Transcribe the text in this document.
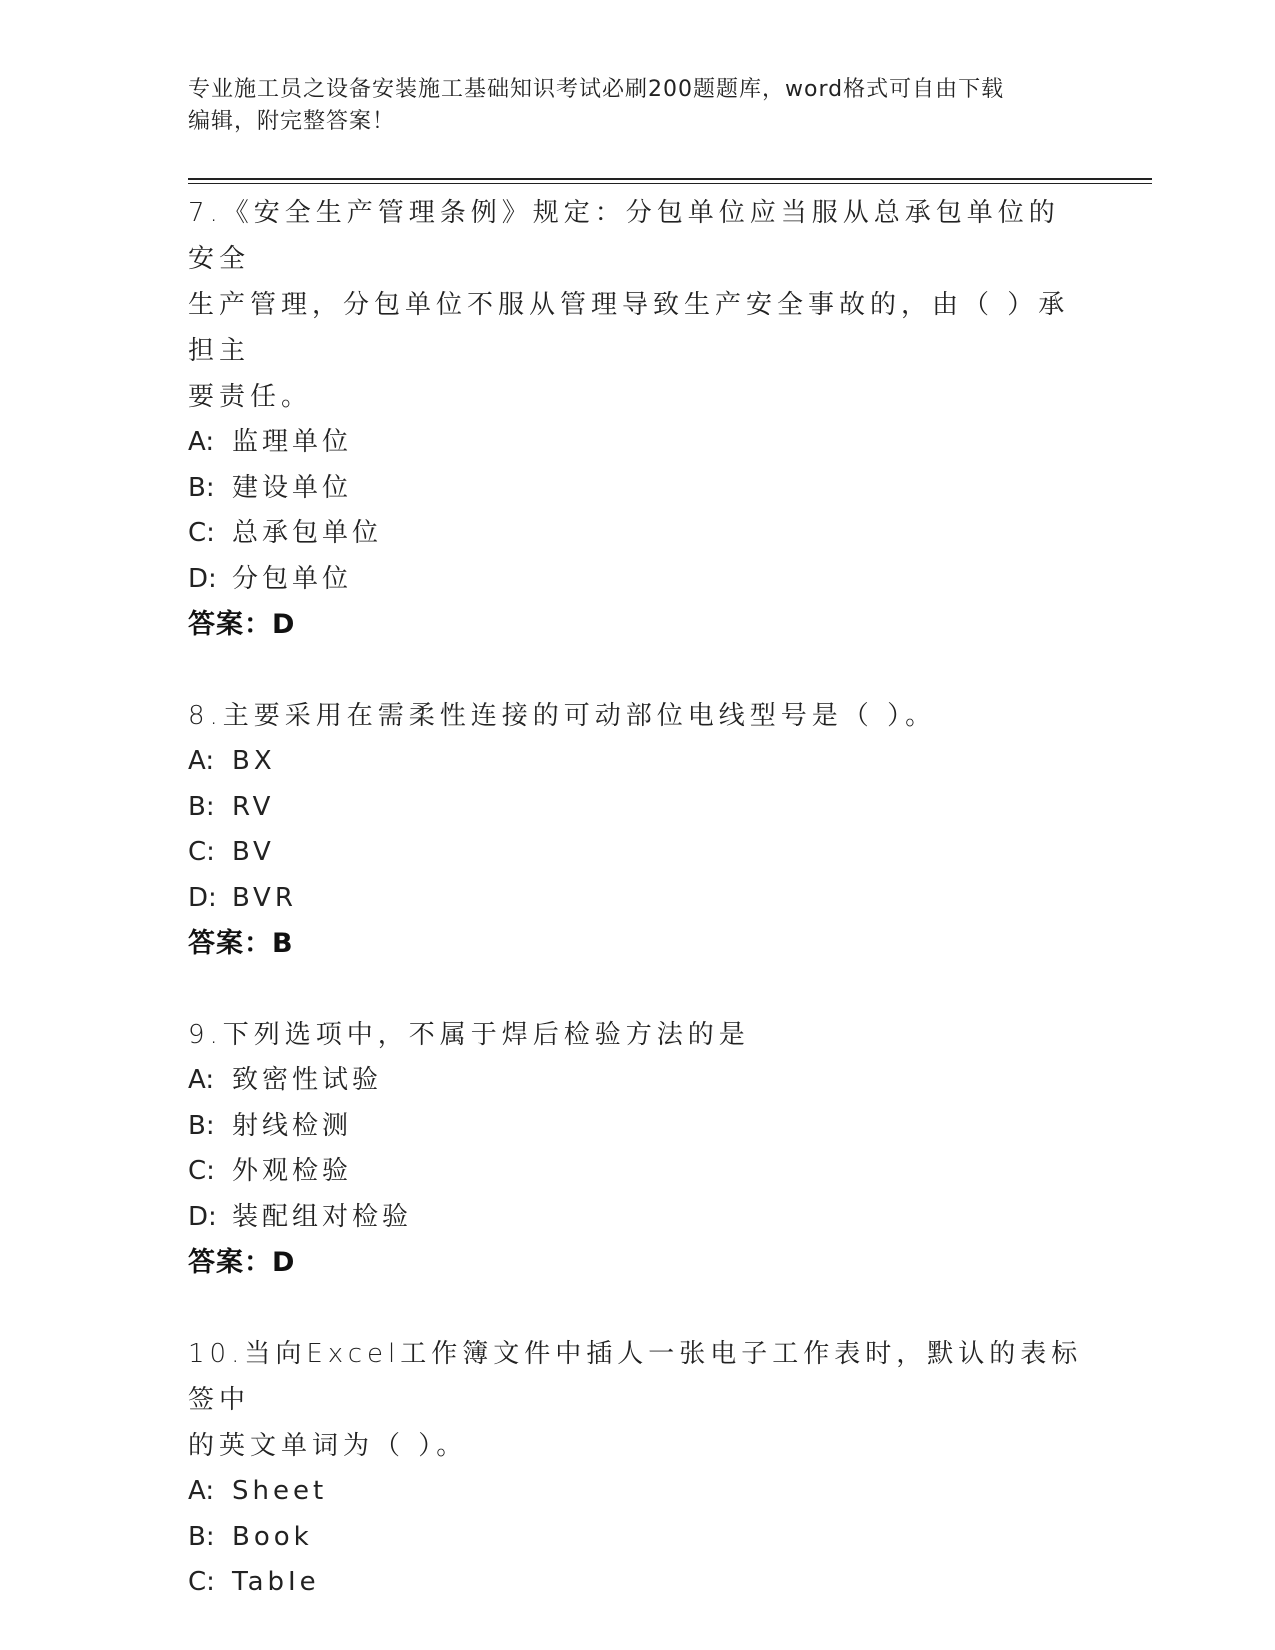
专业施工员之设备安装施工基础知识考试必刷200题题库，word格式可自由下载
编辑，附完整答案！

7.《安全生产管理条例》规定：分包单位应当服从总承包单位的安全

生产管理，分包单位不服从管理导致生产安全事故的，由（ ）承担主

要责任。

A: 监理单位

B: 建设单位

C: 总承包单位

D: 分包单位

答案：D

8.主要采用在需柔性连接的可动部位电线型号是（ ）。

A: BX

B: RV

C: BV

D: BVR

答案：B

9.下列选项中，不属于焊后检验方法的是

A: 致密性试验

B: 射线检测

C: 外观检验

D: 装配组对检验

答案：D

10.当向Excel工作簿文件中插人一张电子工作表时，默认的表标签中

的英文单词为（ ）。

A: Sheet

B: Book

C: TabIe
